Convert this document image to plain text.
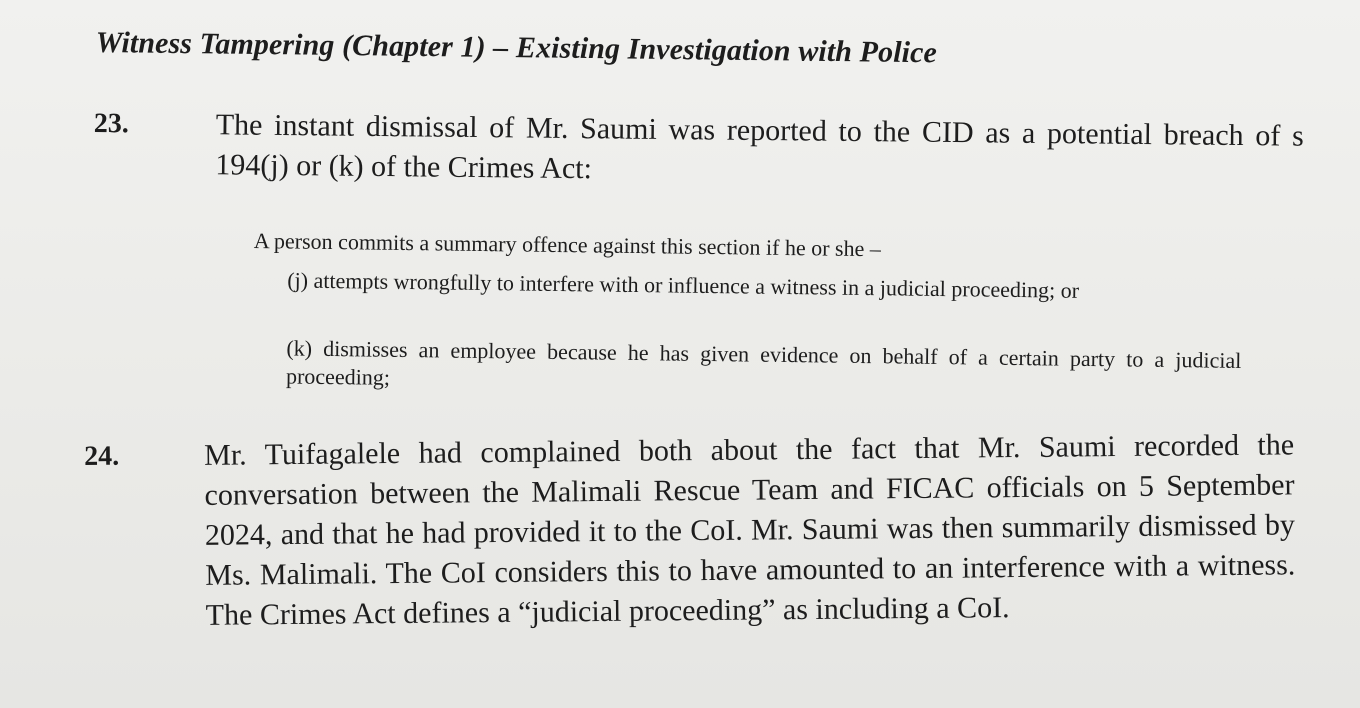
Witness Tampering (Chapter 1) – Existing Investigation with Police
23.	The instant dismissal of Mr. Saumi was reported to the CID as a potential breach of s 194(j) or (k) of the Crimes Act:
A person commits a summary offence against this section if he or she –
(j) attempts wrongfully to interfere with or influence a witness in a judicial proceeding; or
(k) dismisses an employee because he has given evidence on behalf of a certain party to a judicial proceeding;
24.	Mr. Tuifagalele had complained both about the fact that Mr. Saumi recorded the conversation between the Malimali Rescue Team and FICAC officials on 5 September 2024, and that he had provided it to the CoI. Mr. Saumi was then summarily dismissed by Ms. Malimali. The CoI considers this to have amounted to an interference with a witness. The Crimes Act defines a “judicial proceeding” as including a CoI.
